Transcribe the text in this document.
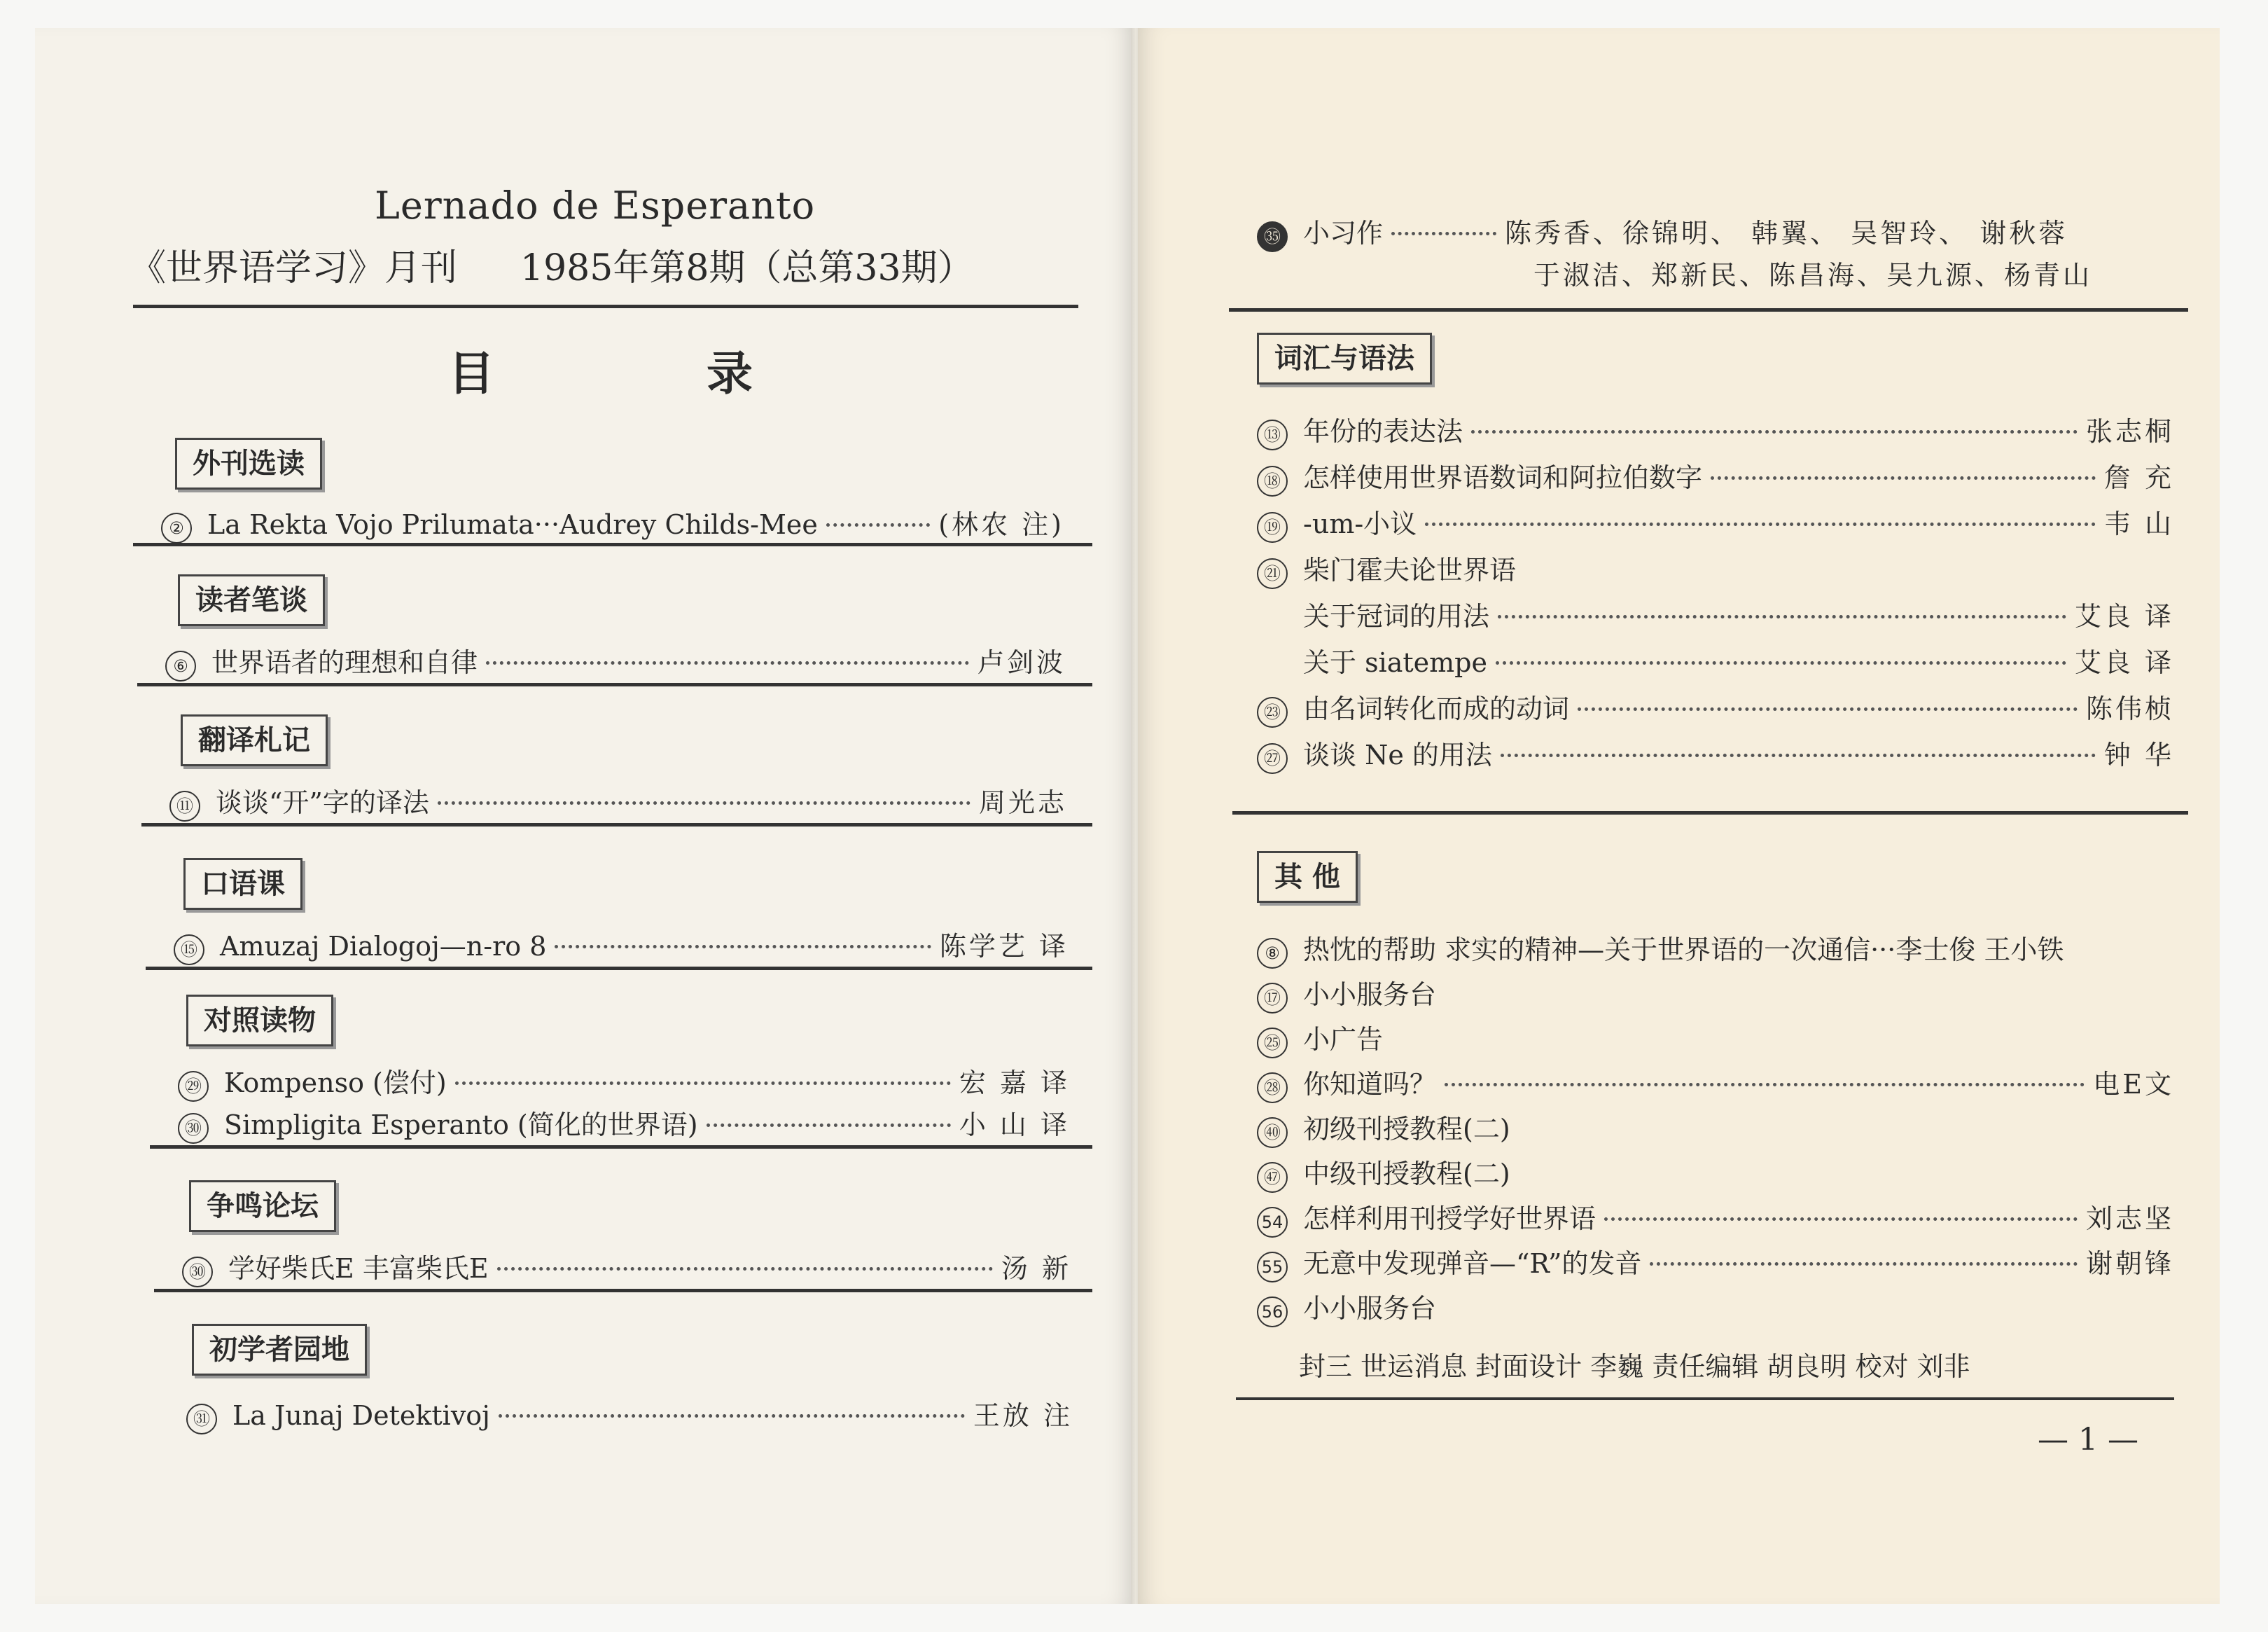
Lernado de Esperanto
《世界语学习》月刊 1985年第8期（总第33期）
目 录
外刊选读
② La Rekta Vojo Prilumata···Audrey Childs-Mee	(林农 注)
读者笔谈
⑥ 世界语者的理想和自律	卢剑波
翻译札记
⑪ 谈谈“开”字的译法	周光志
口语课
⑮ Amuzaj Dialogoj—n-ro 8	陈学艺 译
对照读物
㉙ Kompenso (偿付)	宏 嘉 译
㉚ Simpligita Esperanto (简化的世界语)	小 山 译
争鸣论坛
㉚ 学好柴氏E 丰富柴氏E	汤 新
初学者园地
㉛ La Junaj Detektivoj	王放 注
㉟ 小习作	陈秀香、徐锦明、 韩翼、 吴智玲、 谢秋蓉
于淑洁、郑新民、陈昌海、吴九源、杨青山
词汇与语法
⑬ 年份的表达法	张志桐
⑱ 怎样使用世界语数词和阿拉伯数字	詹 充
⑲ -um-小议	韦 山
㉑ 柴门霍夫论世界语
关于冠词的用法	艾良 译
关于 siatempe	艾良 译
㉓ 由名词转化而成的动词	陈伟桢
㉗ 谈谈 Ne 的用法	钟 华
其 他
⑧ 热忱的帮助 求实的精神—关于世界语的一次通信···李士俊 王小铁
⑰ 小小服务台
㉕ 小广告
㉘ 你知道吗？	电E文
㊵ 初级刊授教程(二)
㊼ 中级刊授教程(二)
54 怎样利用刊授学好世界语	刘志坚
55 无意中发现弹音—“R”的发音	谢朝锋
56 小小服务台
封三 世运消息 封面设计 李巍 责任编辑 胡良明 校对 刘非
— 1 —
